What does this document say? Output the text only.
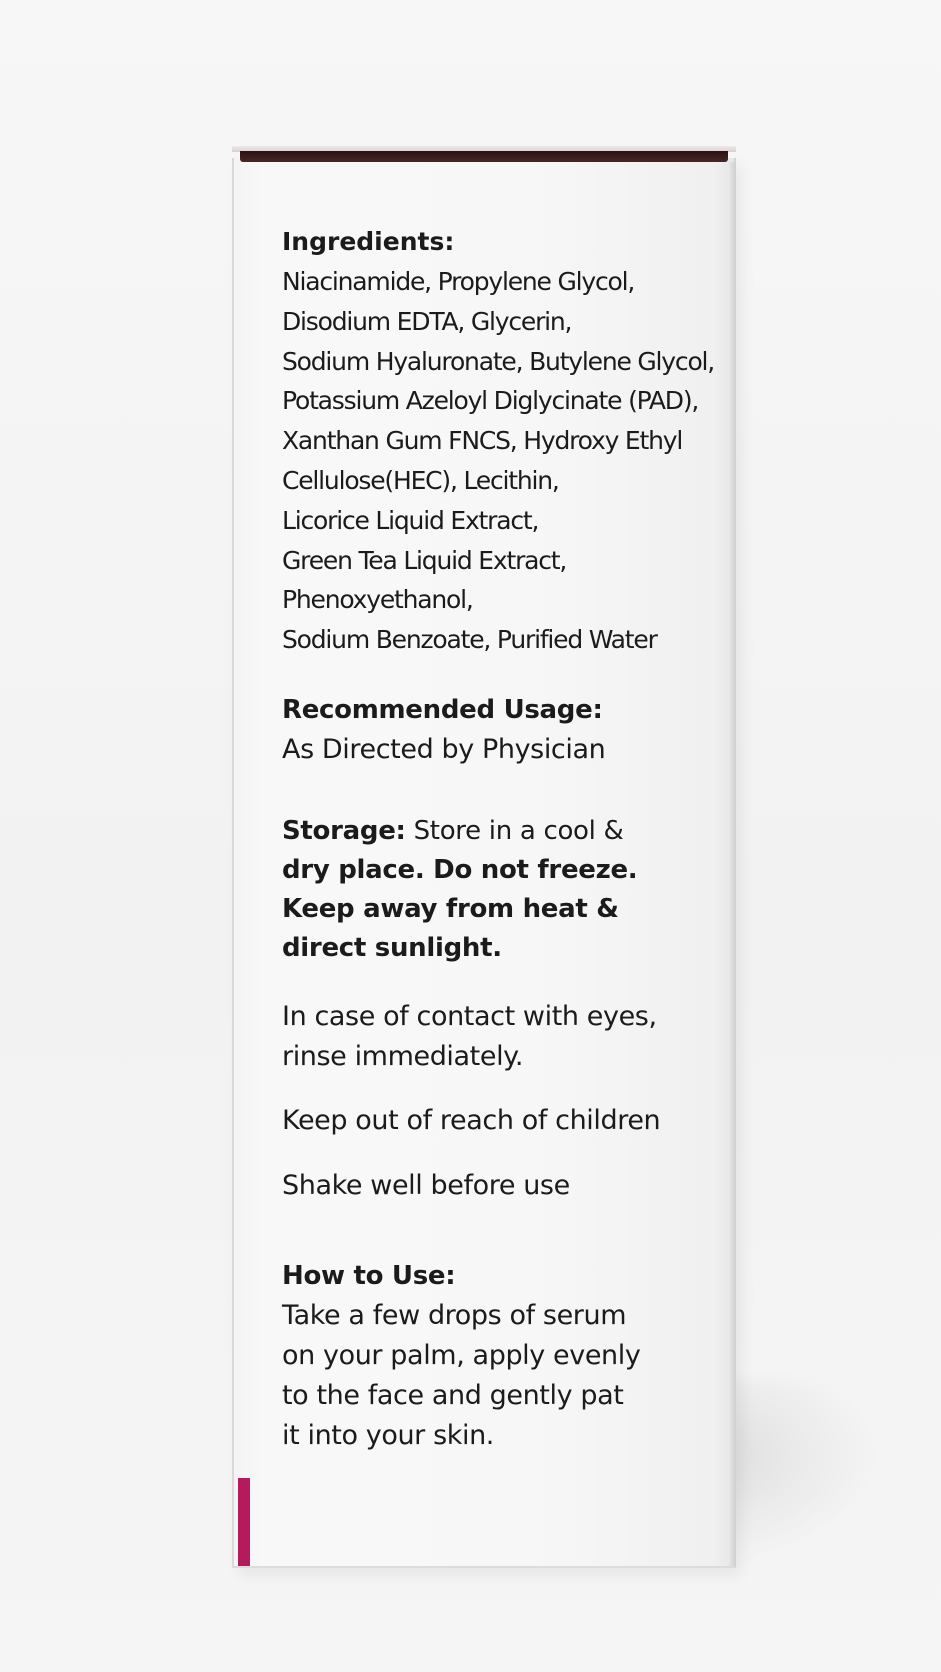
Ingredients:
Niacinamide, Propylene Glycol,
Disodium EDTA, Glycerin,
Sodium Hyaluronate, Butylene Glycol,
Potassium Azeloyl Diglycinate (PAD),
Xanthan Gum FNCS, Hydroxy Ethyl
Cellulose(HEC), Lecithin,
Licorice Liquid Extract,
Green Tea Liquid Extract,
Phenoxyethanol,
Sodium Benzoate, Purified Water
Recommended Usage:

As Directed by Physician

Storage: Store in a cool &
dry place. Do not freeze.
Keep away from heat &
direct sunlight.

In case of contact with eyes,

rinse immediately.

Keep out of reach of children

Shake well before use

How to Use:

Take a few drops of serum

on your palm, apply evenly

to the face and gently pat

it into your skin.
